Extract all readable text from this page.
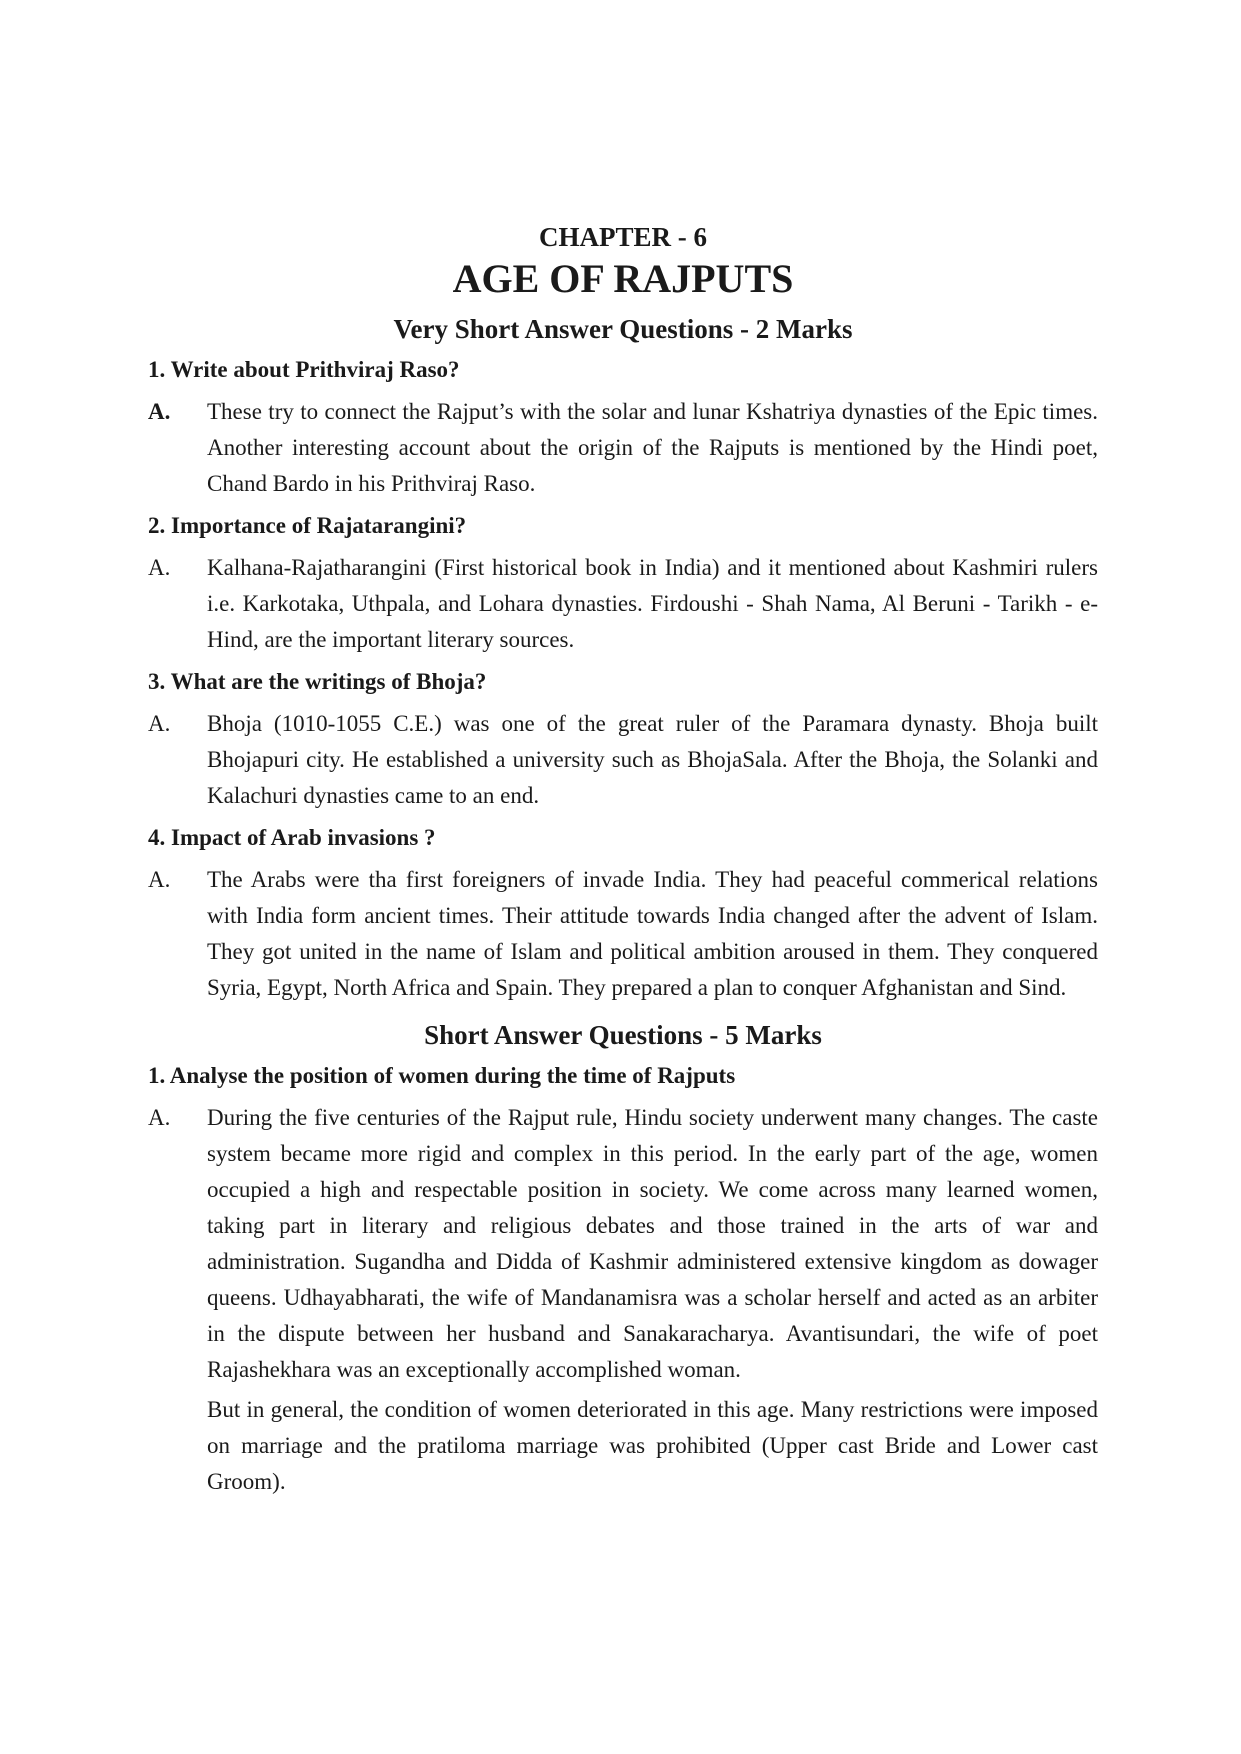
CHAPTER - 6
AGE OF RAJPUTS
Very Short Answer Questions - 2 Marks
1. Write about Prithviraj Raso?
A.	These try to connect the Rajput’s with the solar and lunar Kshatriya dynasties of the Epic times. Another interesting account about the origin of the Rajputs is mentioned by the Hindi poet, Chand Bardo in his Prithviraj Raso.

2. Importance of Rajatarangini?
A.	Kalhana-Rajatharangini (First historical book in India) and it mentioned about Kashmiri rulers i.e. Karkotaka, Uthpala, and Lohara dynasties. Firdoushi - Shah Nama, Al Beruni - Tarikh - e-Hind, are the important literary sources.

3. What are the writings of Bhoja?
A.	Bhoja (1010-1055 C.E.) was one of the great ruler of the Paramara dynasty. Bhoja built Bhojapuri city. He established a university such as BhojaSala. After the Bhoja, the Solanki and Kalachuri dynasties came to an end.

4. Impact of Arab invasions ?
A.	The Arabs were tha first foreigners of invade India. They had peaceful commerical relations with India form ancient times. Their attitude towards India changed after the advent of Islam. They got united in the name of Islam and political ambition aroused in them. They conquered Syria, Egypt, North Africa and Spain. They prepared a plan to conquer Afghanistan and Sind.

Short Answer Questions - 5 Marks
1. Analyse the position of women during the time of Rajputs
A.	During the five centuries of the Rajput rule, Hindu society underwent many changes. The caste system became more rigid and complex in this period. In the early part of the age, women occupied a high and respectable position in society. We come across many learned women, taking part in literary and religious debates and those trained in the arts of war and administration. Sugandha and Didda of Kashmir administered extensive kingdom as dowager queens. Udhayabharati, the wife of Mandanamisra was a scholar herself and acted as an arbiter in the dispute between her husband and Sanakaracharya. Avantisundari, the wife of poet Rajashekhara was an exceptionally accomplished woman.

But in general, the condition of women deteriorated in this age. Many restrictions were imposed on marriage and the pratiloma marriage was prohibited (Upper cast Bride and Lower cast Groom).
